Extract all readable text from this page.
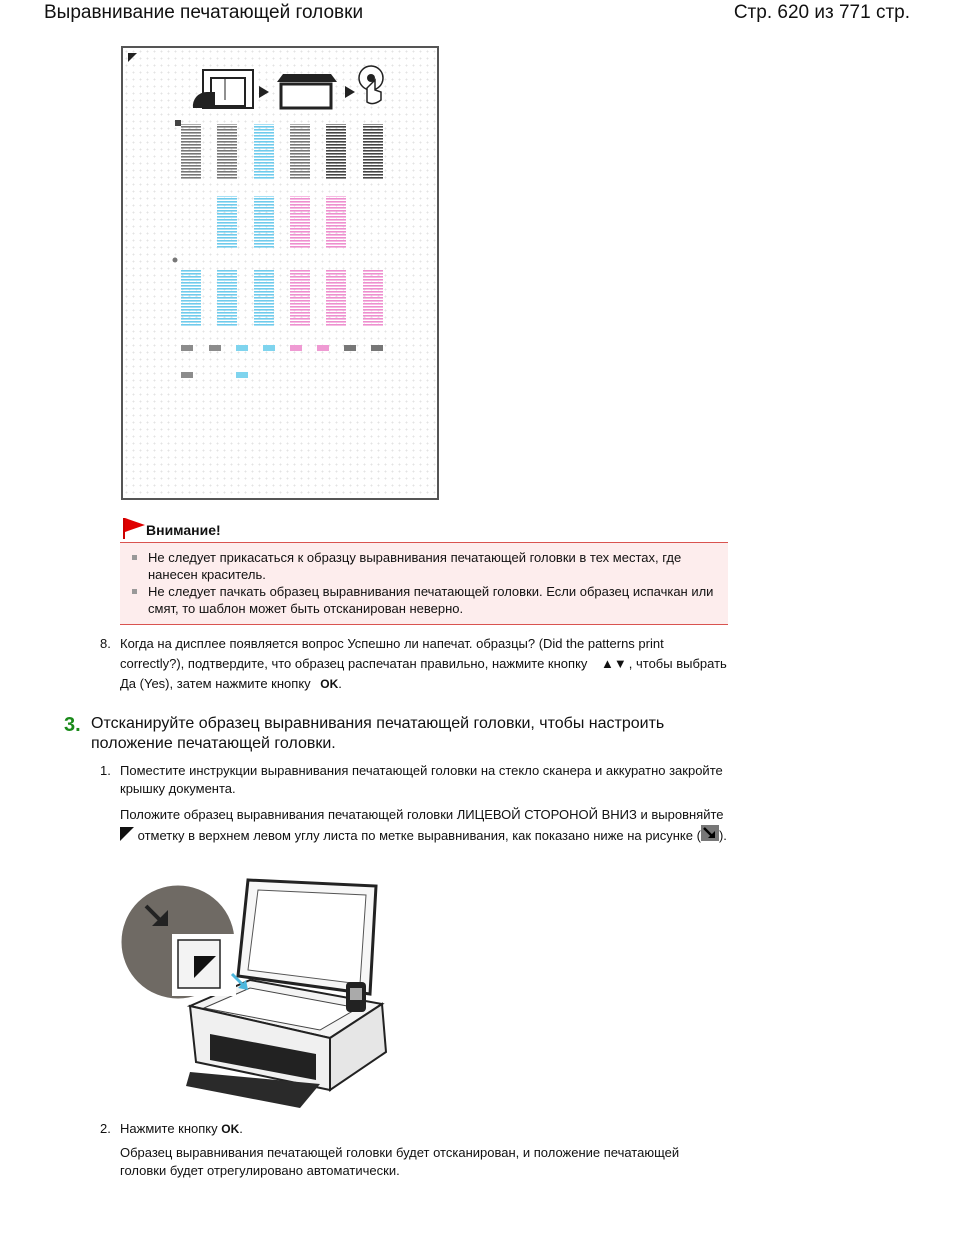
Выравнивание печатающей головки	Стр. 620 из 771 стр.
Внимание!
Не следует прикасаться к образцу выравнивания печатающей головки в тех местах, где нанесен краситель.
Не следует пачкать образец выравнивания печатающей головки. Если образец испачкан или смят, то шаблон может быть отсканирован неверно.
8. Когда на дисплее появляется вопрос Успешно ли напечат. образцы? (Did the patterns print correctly?), подтвердите, что образец распечатан правильно, нажмите кнопку ▲▼ , чтобы выбрать Да (Yes), затем нажмите кнопку OK.
3. Отсканируйте образец выравнивания печатающей головки, чтобы настроить положение печатающей головки.
1. Поместите инструкции выравнивания печатающей головки на стекло сканера и аккуратно закройте крышку документа.
Положите образец выравнивания печатающей головки ЛИЦЕВОЙ СТОРОНОЙ ВНИЗ и выровняйте  отметку в верхнем левом углу листа по метке выравнивания, как показано ниже на рисунке ( ).
2. Нажмите кнопку OK.
Образец выравнивания печатающей головки будет отсканирован, и положение печатающей головки будет отрегулировано автоматически.
